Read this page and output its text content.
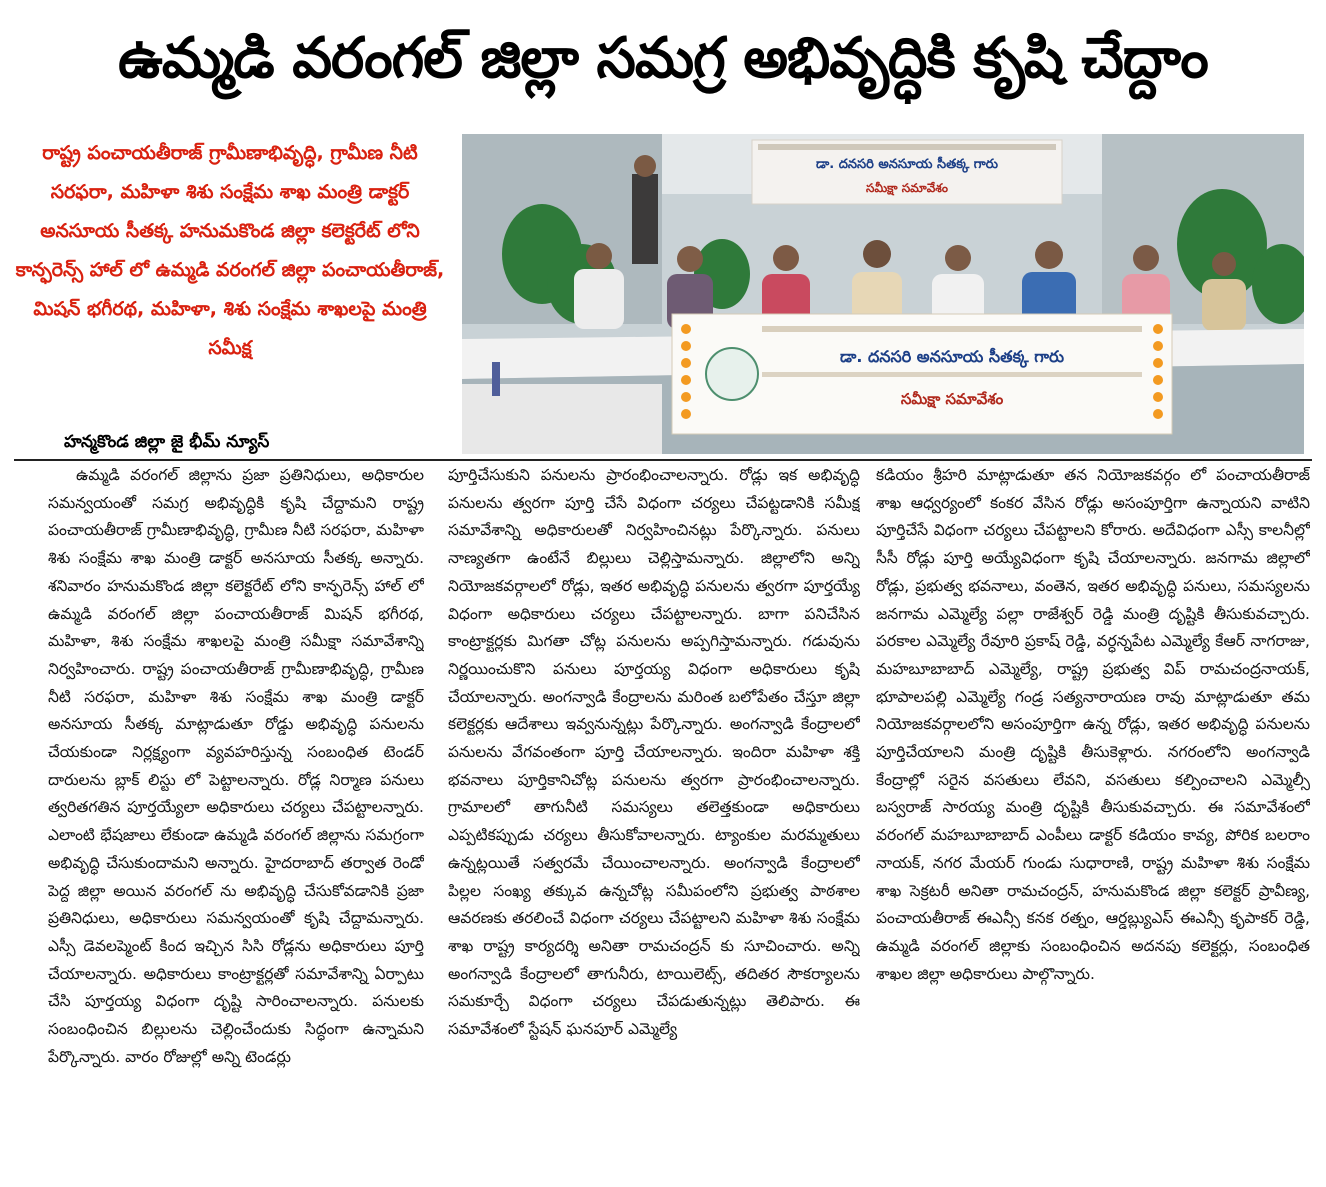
ఉమ్మడి వరంగల్ జిల్లా సమగ్ర అభివృద్ధికి కృషి చేద్దాం
రాష్ట్ర పంచాయతీరాజ్ గ్రామీణాభివృద్ధి, గ్రామీణ నీటి సరఫరా, మహిళా శిశు సంక్షేమ శాఖ మంత్రి డాక్టర్ అనసూయ సీతక్క హనుమకొండ జిల్లా కలెక్టరేట్ లోని కాన్ఫరెన్స్ హాల్ లో ఉమ్మడి వరంగల్ జిల్లా పంచాయతీరాజ్, మిషన్ భగీరథ, మహిళా, శిశు సంక్షేమ శాఖలపై మంత్రి సమీక్ష
హన్మకొండ జిల్లా జై భీమ్ న్యూస్
డా. దనసరి అనసూయ సీతక్క గారు
సమీక్షా సమావేశం
డా. దనసరి అనసూయ సీతక్క గారు
సమీక్షా సమావేశం

ఉమ్మడి వరంగల్ జిల్లాను ప్రజా ప్రతినిధులు, అధికారుల సమన్వయంతో సమగ్ర అభివృద్ధికి కృషి చేద్దామని రాష్ట్ర పంచాయతీరాజ్ గ్రామీణాభివృద్ధి, గ్రామీణ నీటి సరఫరా, మహిళా శిశు సంక్షేమ శాఖ మంత్రి డాక్టర్ అనసూయ సీతక్క అన్నారు. శనివారం హనుమకొండ జిల్లా కలెక్టరేట్ లోని కాన్ఫరెన్స్ హాల్ లో ఉమ్మడి వరంగల్ జిల్లా పంచాయతీరాజ్ మిషన్ భగీరథ, మహిళా, శిశు సంక్షేమ శాఖలపై మంత్రి సమీక్షా సమావేశాన్ని నిర్వహించారు. రాష్ట్ర పంచాయతీరాజ్ గ్రామీణాభివృద్ధి, గ్రామీణ నీటి సరఫరా, మహిళా శిశు సంక్షేమ శాఖ మంత్రి డాక్టర్ అనసూయ సీతక్క మాట్లాడుతూ రోడ్డు అభివృద్ధి పనులను చేయకుండా నిర్లక్ష్యంగా వ్యవహరిస్తున్న సంబంధిత టెండర్ దారులను బ్లాక్ లిస్టు లో పెట్టాలన్నారు. రోడ్ల నిర్మాణ పనులు త్వరితగతిన పూర్తయ్యేలా అధికారులు చర్యలు చేపట్టాలన్నారు. ఎలాంటి భేషజాలు లేకుండా ఉమ్మడి వరంగల్ జిల్లాను సమగ్రంగా అభివృద్ధి చేసుకుందామని అన్నారు. హైదరాబాద్ తర్వాత రెండో పెద్ద జిల్లా అయిన వరంగల్ ను అభివృద్ధి చేసుకోవడానికి ప్రజా ప్రతినిధులు, అధికారులు సమన్వయంతో కృషి చేద్దామన్నారు. ఎస్సీ డెవలప్మెంట్ కింద ఇచ్చిన సిసి రోడ్లను అధికారులు పూర్తి చేయాలన్నారు. అధికారులు కాంట్రాక్టర్లతో సమావేశాన్ని ఏర్పాటు చేసి పూర్తయ్య విధంగా దృష్టి సారించాలన్నారు. పనులకు సంబంధించిన బిల్లులను చెల్లించేందుకు సిద్ధంగా ఉన్నామని పేర్కొన్నారు. వారం రోజుల్లో అన్ని టెండర్లు

పూర్తిచేసుకుని పనులను ప్రారంభించాలన్నారు. రోడ్లు ఇక అభివృద్ధి పనులను త్వరగా పూర్తి చేసే విధంగా చర్యలు చేపట్టడానికి సమీక్ష సమావేశాన్ని అధికారులతో నిర్వహించినట్లు పేర్కొన్నారు. పనులు నాణ్యతగా ఉంటేనే బిల్లులు చెల్లిస్తామన్నారు. జిల్లాలోని అన్ని నియోజకవర్గాలలో రోడ్లు, ఇతర అభివృద్ధి పనులను త్వరగా పూర్తయ్యే విధంగా అధికారులు చర్యలు చేపట్టాలన్నారు. బాగా పనిచేసిన కాంట్రాక్టర్లకు మిగతా చోట్ల పనులను అప్పగిస్తామన్నారు. గడువును నిర్ణయించుకొని పనులు పూర్తయ్య విధంగా అధికారులు కృషి చేయాలన్నారు. అంగన్వాడి కేంద్రాలను మరింత బలోపేతం చేస్తూ జిల్లా కలెక్టర్లకు ఆదేశాలు ఇవ్వనున్నట్లు పేర్కొన్నారు. అంగన్వాడి కేంద్రాలలో పనులను వేగవంతంగా పూర్తి చేయాలన్నారు. ఇందిరా మహిళా శక్తి భవనాలు పూర్తికానిచోట్ల పనులను త్వరగా ప్రారంభించాలన్నారు. గ్రామాలలో తాగునీటి సమస్యలు తలెత్తకుండా అధికారులు ఎప్పటికప్పుడు చర్యలు తీసుకోవాలన్నారు. ట్యాంకుల మరమ్మతులు ఉన్నట్లయితే సత్వరమే చేయించాలన్నారు. అంగన్వాడి కేంద్రాలలో పిల్లల సంఖ్య తక్కువ ఉన్నచోట్ల సమీపంలోని ప్రభుత్వ పాఠశాల ఆవరణకు తరలించే విధంగా చర్యలు చేపట్టాలని మహిళా శిశు సంక్షేమ శాఖ రాష్ట్ర కార్యదర్శి అనితా రామచంద్రన్ కు సూచించారు. అన్ని అంగన్వాడి కేంద్రాలలో తాగునీరు, టాయిలెట్స్, తదితర సౌకర్యాలను సమకూర్చే విధంగా చర్యలు చేపడుతున్నట్లు తెలిపారు. ఈ సమావేశంలో స్టేషన్ ఘనపూర్ ఎమ్మెల్యే

కడియం శ్రీహరి మాట్లాడుతూ తన నియోజకవర్గం లో పంచాయతీరాజ్ శాఖ ఆధ్వర్యంలో కంకర వేసిన రోడ్లు అసంపూర్తిగా ఉన్నాయని వాటిని పూర్తిచేసే విధంగా చర్యలు చేపట్టాలని కోరారు. అదేవిధంగా ఎస్సీ కాలనీల్లో సీసీ రోడ్లు పూర్తి అయ్యేవిధంగా కృషి చేయాలన్నారు. జనగామ జిల్లాలో రోడ్లు, ప్రభుత్వ భవనాలు, వంతెన, ఇతర అభివృద్ధి పనులు, సమస్యలను జనగామ ఎమ్మెల్యే పల్లా రాజేశ్వర్ రెడ్డి మంత్రి దృష్టికి తీసుకువచ్చారు. పరకాల ఎమ్మెల్యే రేవూరి ప్రకాష్ రెడ్డి, వర్ధన్నపేట ఎమ్మెల్యే కేఆర్ నాగరాజు, మహబూబాబాద్ ఎమ్మెల్యే, రాష్ట్ర ప్రభుత్వ విప్ రామచంద్రనాయక్, భూపాలపల్లి ఎమ్మెల్యే గండ్ర సత్యనారాయణ రావు మాట్లాడుతూ తమ నియోజకవర్గాలలోని అసంపూర్తిగా ఉన్న రోడ్లు, ఇతర అభివృద్ధి పనులను పూర్తిచేయాలని మంత్రి దృష్టికి తీసుకెళ్లారు. నగరంలోని అంగన్వాడి కేంద్రాల్లో సరైన వసతులు లేవని, వసతులు కల్పించాలని ఎమ్మెల్సీ బస్వరాజ్ సారయ్య మంత్రి దృష్టికి తీసుకువచ్చారు. ఈ సమావేశంలో వరంగల్ మహబూబాబాద్ ఎంపీలు డాక్టర్ కడియం కావ్య, పోరిక బలరాం నాయక్, నగర మేయర్ గుండు సుధారాణి, రాష్ట్ర మహిళా శిశు సంక్షేమ శాఖ సెక్రటరీ అనితా రామచంద్రన్, హనుమకొండ జిల్లా కలెక్టర్ ప్రావీణ్య, పంచాయతీరాజ్ ఈఎన్సీ కనక రత్నం, ఆర్డబ్ల్యుఎస్ ఈఎన్సీ కృపాకర్ రెడ్డి, ఉమ్మడి వరంగల్ జిల్లాకు సంబంధించిన అదనపు కలెక్టర్లు, సంబంధిత శాఖల జిల్లా అధికారులు పాల్గొన్నారు.
